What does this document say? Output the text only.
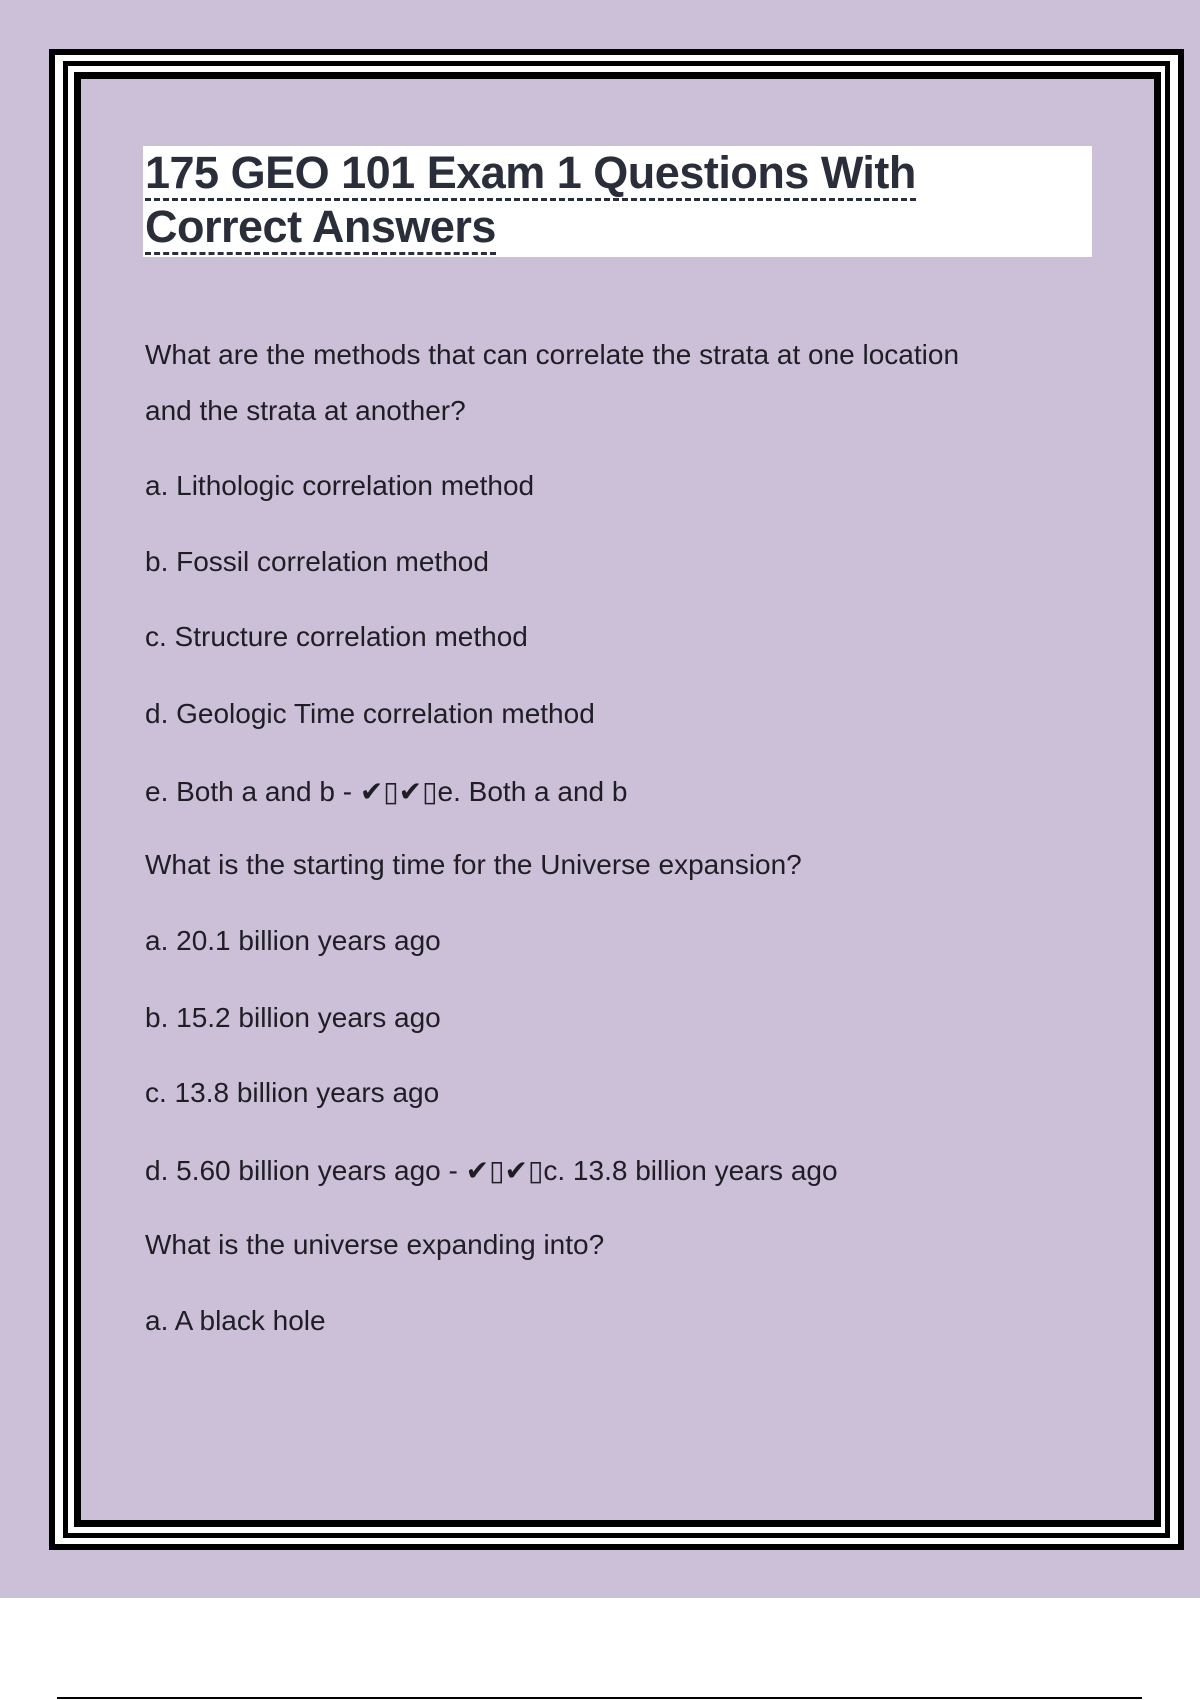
175 GEO 101 Exam 1 Questions With Correct Answers

What are the methods that can correlate the strata at one location

and the strata at another?

a. Lithologic correlation method

b. Fossil correlation method

c. Structure correlation method

d. Geologic Time correlation method

e. Both a and b - ✔▯✔▯e. Both a and b

What is the starting time for the Universe expansion?

a. 20.1 billion years ago

b. 15.2 billion years ago

c. 13.8 billion years ago

d. 5.60 billion years ago - ✔▯✔▯c. 13.8 billion years ago

What is the universe expanding into?

a. A black hole
